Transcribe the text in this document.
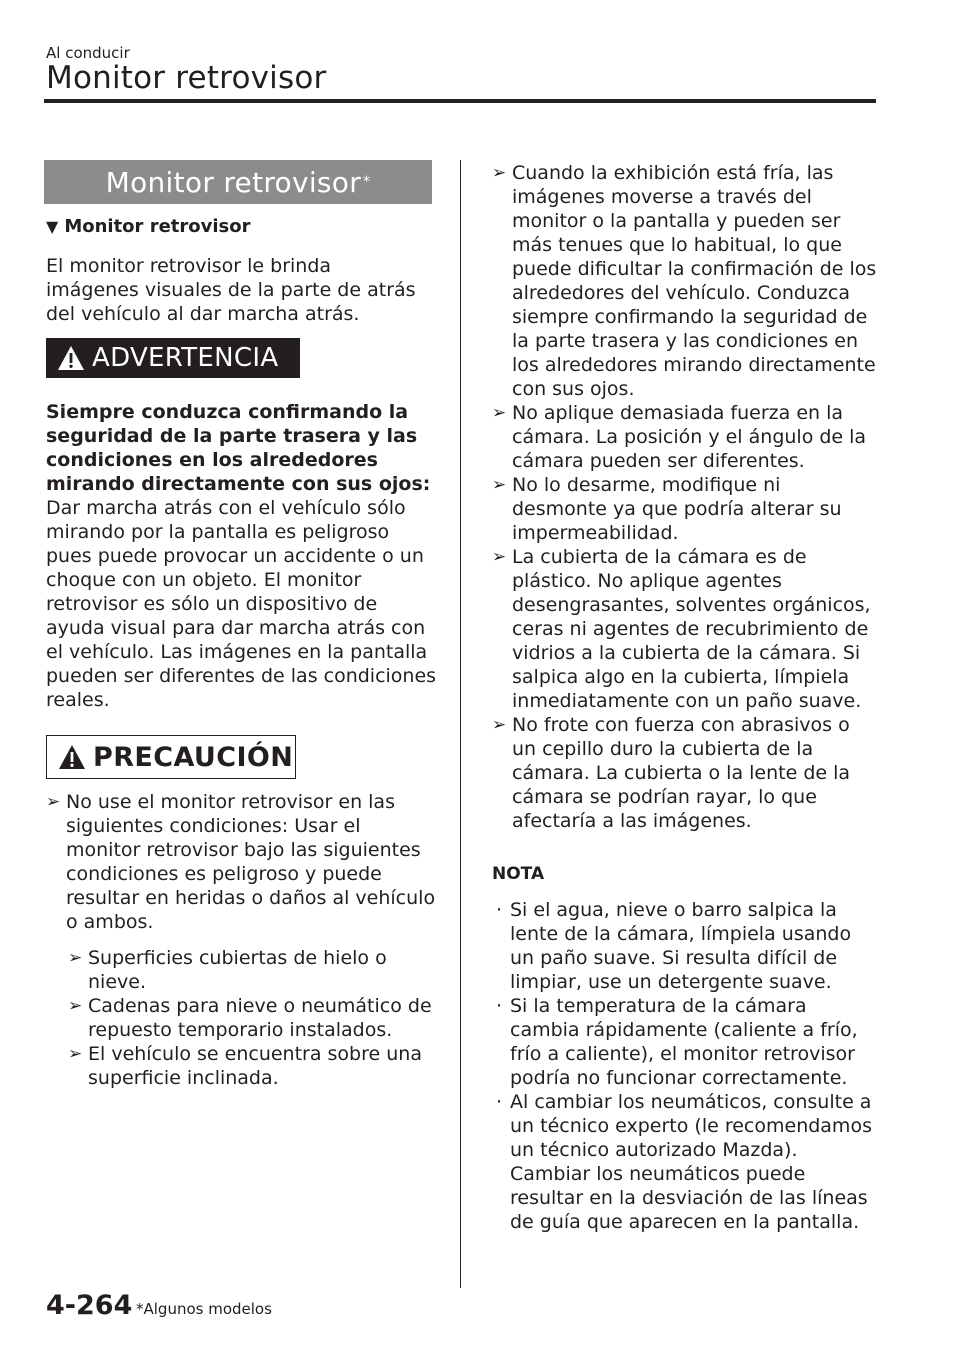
Al conducir
Monitor retrovisor
Monitor retrovisor *
▼ Monitor retrovisor
El monitor retrovisor le brinda imágenes visuales de la parte de atrás del vehículo al dar marcha atrás.
ADVERTENCIA
Siempre conduzca confirmando la seguridad de la parte trasera y las condiciones en los alrededores mirando directamente con sus ojos: Dar marcha atrás con el vehículo sólo mirando por la pantalla es peligroso pues puede provocar un accidente o un choque con un objeto. El monitor retrovisor es sólo un dispositivo de ayuda visual para dar marcha atrás con el vehículo. Las imágenes en la pantalla pueden ser diferentes de las condiciones reales.
PRECAUCIÓN
➢ No use el monitor retrovisor en las siguientes condiciones: Usar el monitor retrovisor bajo las siguientes condiciones es peligroso y puede resultar en heridas o daños al vehículo o ambos.
➢ Superficies cubiertas de hielo o nieve.
➢ Cadenas para nieve o neumático de repuesto temporario instalados.
➢ El vehículo se encuentra sobre una superficie inclinada.
➢ Cuando la exhibición está fría, las imágenes moverse a través del monitor o la pantalla y pueden ser más tenues que lo habitual, lo que puede dificultar la confirmación de los alrededores del vehículo. Conduzca siempre confirmando la seguridad de la parte trasera y las condiciones en los alrededores mirando directamente con sus ojos.
➢ No aplique demasiada fuerza en la cámara. La posición y el ángulo de la cámara pueden ser diferentes.
➢ No lo desarme, modifique ni desmonte ya que podría alterar su impermeabilidad.
➢ La cubierta de la cámara es de plástico. No aplique agentes desengrasantes, solventes orgánicos, ceras ni agentes de recubrimiento de vidrios a la cubierta de la cámara. Si salpica algo en la cubierta, límpiela inmediatamente con un paño suave.
➢ No frote con fuerza con abrasivos o un cepillo duro la cubierta de la cámara. La cubierta o la lente de la cámara se podrían rayar, lo que afectaría a las imágenes.
NOTA
· Si el agua, nieve o barro salpica la lente de la cámara, límpiela usando un paño suave. Si resulta difícil de limpiar, use un detergente suave.
· Si la temperatura de la cámara cambia rápidamente (caliente a frío, frío a caliente), el monitor retrovisor podría no funcionar correctamente.
· Al cambiar los neumáticos, consulte a un técnico experto (le recomendamos un técnico autorizado Mazda). Cambiar los neumáticos puede resultar en la desviación de las líneas de guía que aparecen en la pantalla.
4-264 *Algunos modelos
